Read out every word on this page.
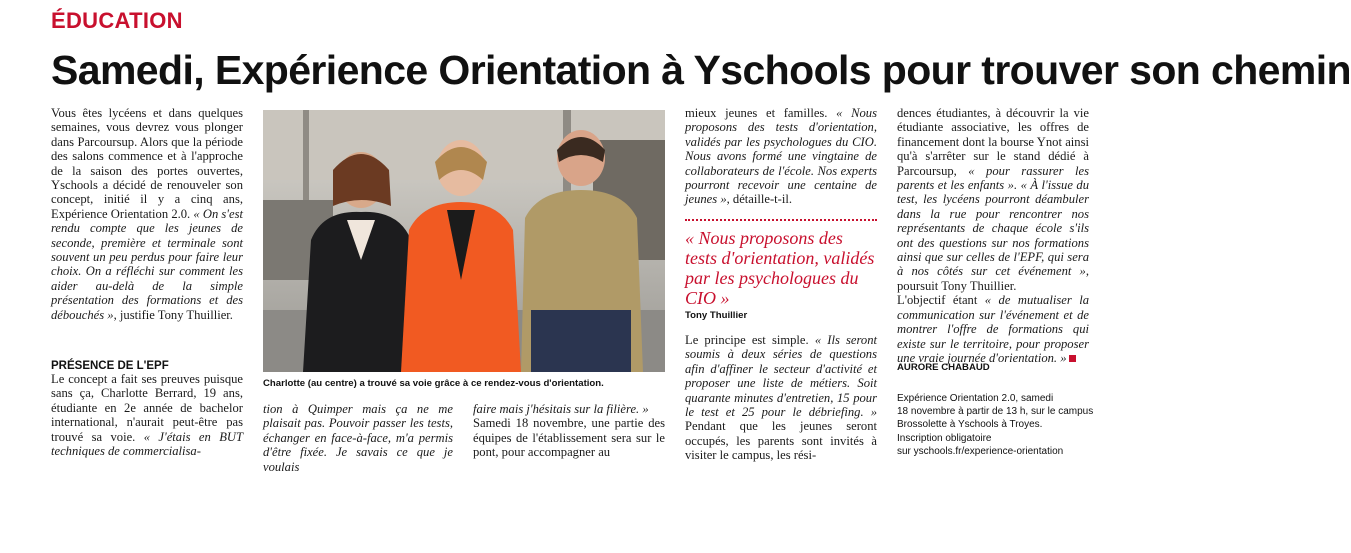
ÉDUCATION
Samedi, Expérience Orientation à Yschools pour trouver son chemin

Vous êtes lycéens et dans quelques semaines, vous devrez vous plonger dans Parcoursup. Alors que la période des salons commence et à l'approche de la saison des portes ouvertes, Yschools a décidé de renouveler son concept, initié il y a cinq ans, Expérience Orientation 2.0. « On s'est rendu compte que les jeunes de seconde, première et terminale sont souvent un peu perdus pour faire leur choix. On a réfléchi sur comment les aider au-delà de la simple présentation des formations et des débouchés », justifie Tony Thuillier.

PRÉSENCE DE L'EPF

Le concept a fait ses preuves puisque sans ça, Charlotte Berrard, 19 ans, étudiante en 2e année de bachelor international, n'aurait peut-être pas trouvé sa voie. « J'étais en BUT techniques de commercialisa-

Charlotte (au centre) a trouvé sa voie grâce à ce rendez-vous d'orientation.

tion à Quimper mais ça ne me plaisait pas. Pouvoir passer les tests, échanger en face-à-face, m'a permis d'être fixée. Je savais ce que je voulais

faire mais j'hésitais sur la filière. »

Samedi 18 novembre, une partie des équipes de l'établissement sera sur le pont, pour accompagner au

mieux jeunes et familles. « Nous proposons des tests d'orientation, validés par les psychologues du CIO. Nous avons formé une vingtaine de collaborateurs de l'école. Nos experts pourront recevoir une centaine de jeunes », détaille-t-il.

« Nous proposons des tests d'orientation, validés par les psychologues du CIO »
Tony Thuillier

Le principe est simple. « Ils seront soumis à deux séries de questions afin d'affiner le secteur d'activité et proposer une liste de métiers. Soit quarante minutes d'entretien, 15 pour le test et 25 pour le débriefing. » Pendant que les jeunes seront occupés, les parents sont invités à visiter le campus, les rési-

dences étudiantes, à découvrir la vie étudiante associative, les offres de financement dont la bourse Ynot ainsi qu'à s'arrêter sur le stand dédié à Parcoursup, « pour rassurer les parents et les enfants ». « À l'issue du test, les lycéens pourront déambuler dans la rue pour rencontrer nos représentants de chaque école s'ils ont des questions sur nos formations ainsi que sur celles de l'EPF, qui sera à nos côtés sur cet événement », poursuit Tony Thuillier.

L'objectif étant « de mutualiser la communication sur l'événement et de montrer l'offre de formations qui existe sur le territoire, pour proposer une vraie journée d'orientation. »

AURORE CHABAUD
Expérience Orientation 2.0, samedi
18 novembre à partir de 13 h, sur le campus
Brossolette à Yschools à Troyes.
Inscription obligatoire
sur yschools.fr/experience-orientation
